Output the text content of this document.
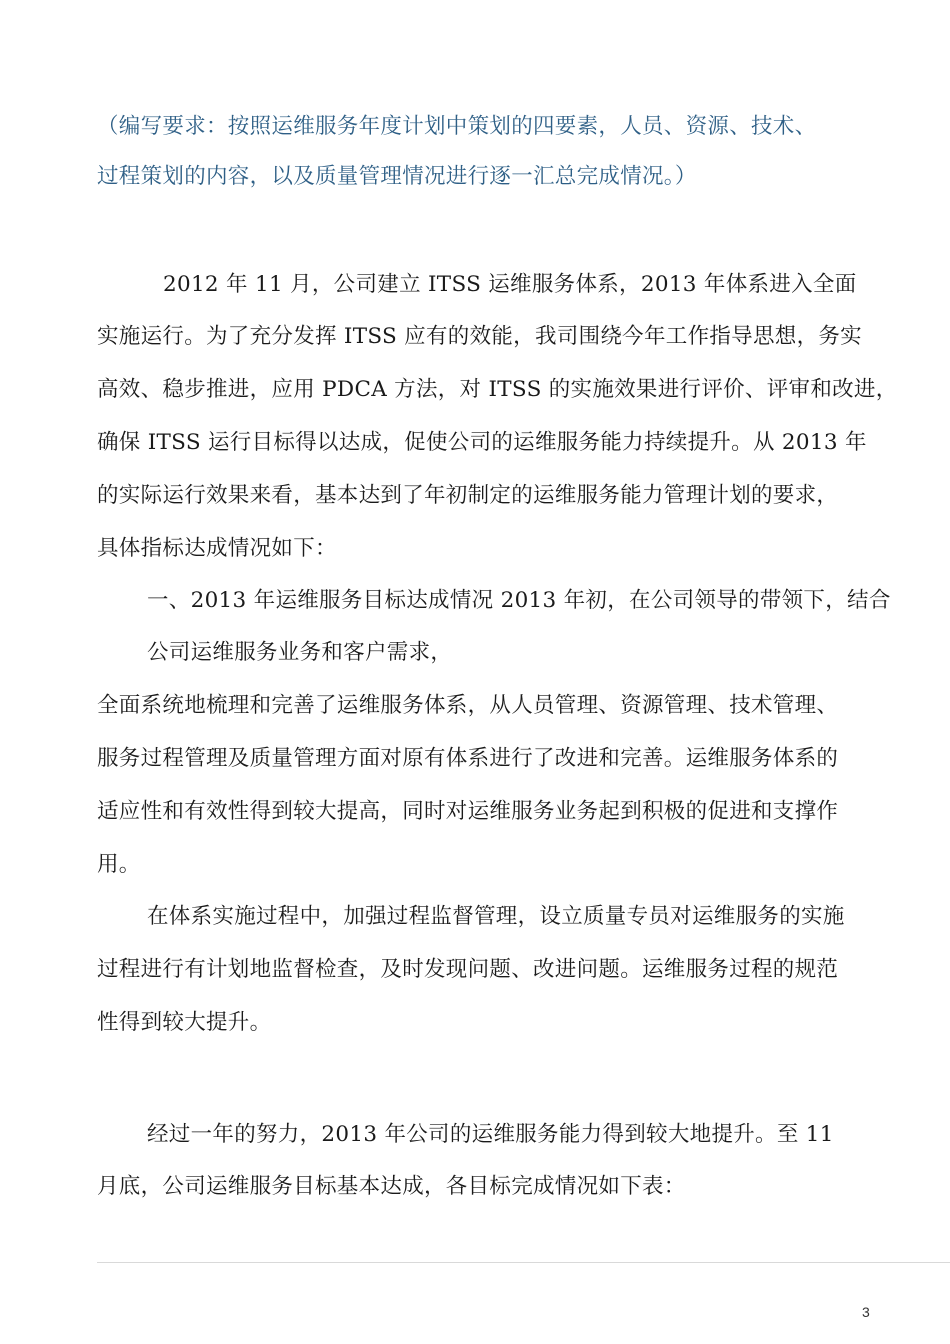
（编写要求：按照运维服务年度计划中策划的四要素，人员、资源、技术、
过程策划的内容，以及质量管理情况进行逐一汇总完成情况。）
2012 年 11 月，公司建立 ITSS 运维服务体系，2013 年体系进入全面
实施运行。为了充分发挥 ITSS 应有的效能，我司围绕今年工作指导思想，务实
高效、稳步推进，应用 PDCA 方法，对 ITSS 的实施效果进行评价、评审和改进，
确保 ITSS 运行目标得以达成，促使公司的运维服务能力持续提升。从 2013 年
的实际运行效果来看，基本达到了年初制定的运维服务能力管理计划的要求，
具体指标达成情况如下：
一、2013 年运维服务目标达成情况 2013 年初，在公司领导的带领下，结合
公司运维服务业务和客户需求，
全面系统地梳理和完善了运维服务体系，从人员管理、资源管理、技术管理、
服务过程管理及质量管理方面对原有体系进行了改进和完善。运维服务体系的
适应性和有效性得到较大提高，同时对运维服务业务起到积极的促进和支撑作
用。
在体系实施过程中，加强过程监督管理，设立质量专员对运维服务的实施
过程进行有计划地监督检查，及时发现问题、改进问题。运维服务过程的规范
性得到较大提升。
经过一年的努力，2013 年公司的运维服务能力得到较大地提升。至 11
月底，公司运维服务目标基本达成，各目标完成情况如下表：
3
